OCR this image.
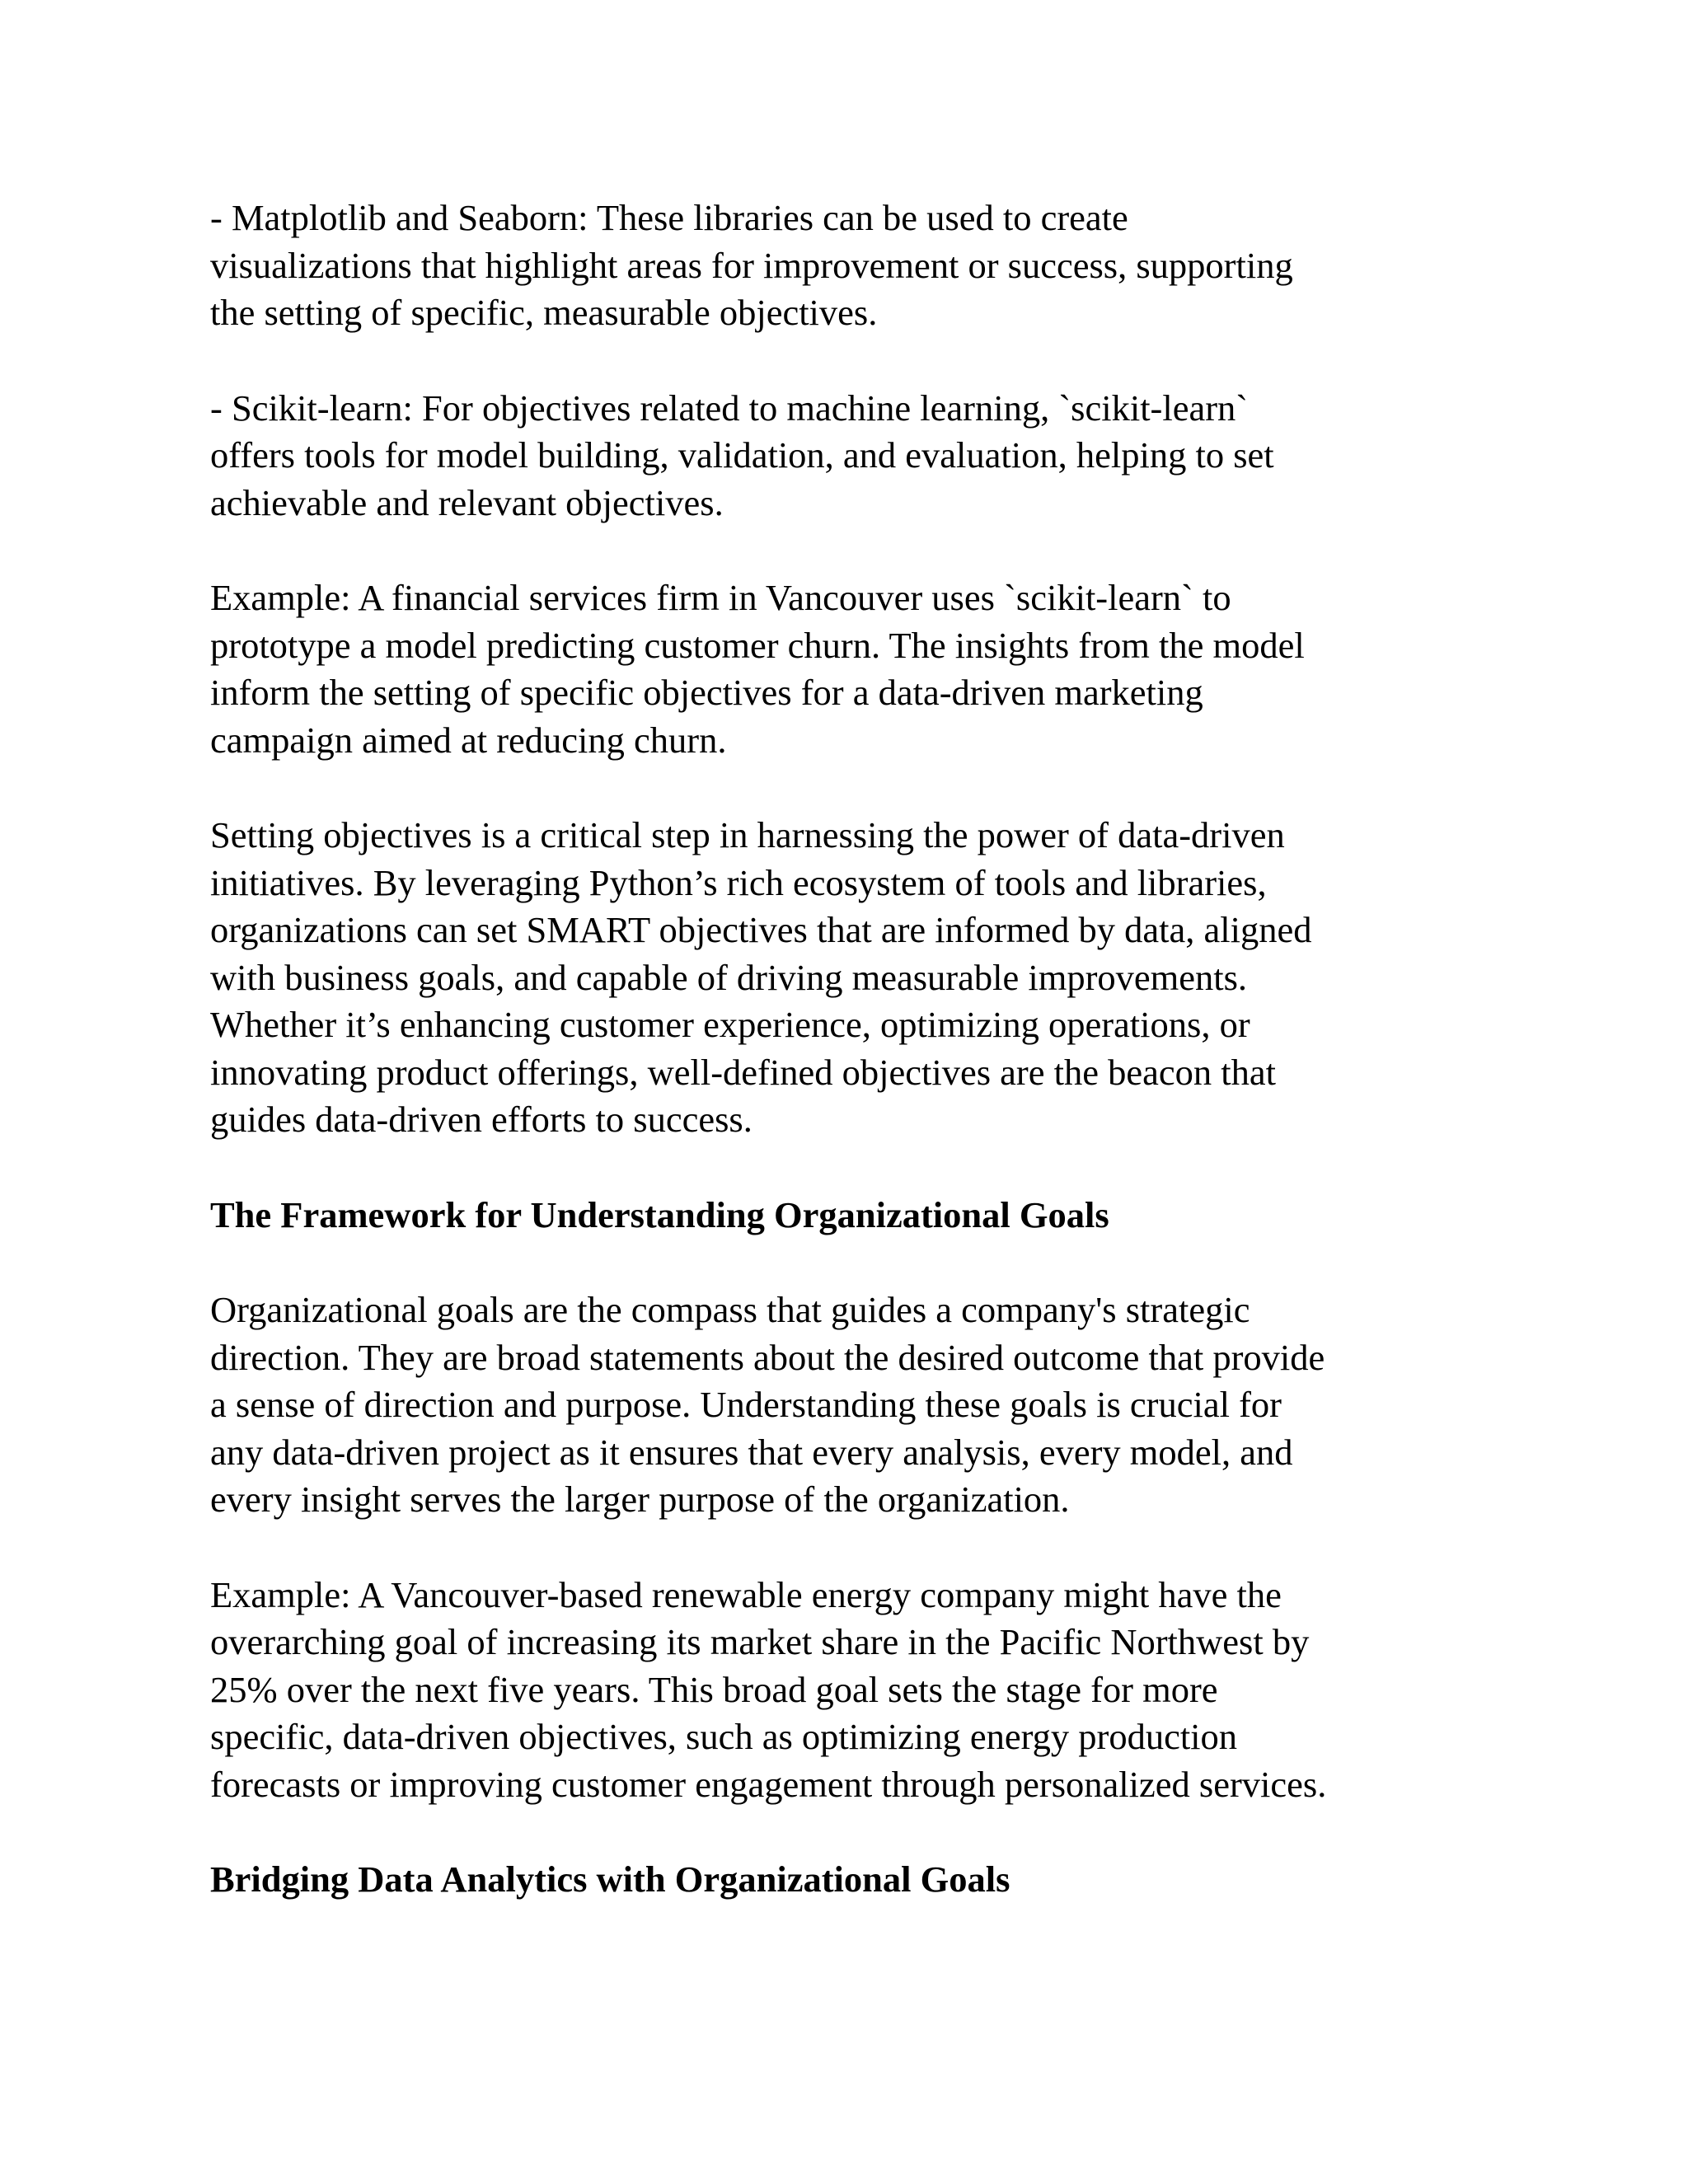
- Matplotlib and Seaborn: These libraries can be used to create
visualizations that highlight areas for improvement or success, supporting
the setting of specific, measurable objectives.

- Scikit-learn: For objectives related to machine learning, `scikit-learn`
offers tools for model building, validation, and evaluation, helping to set
achievable and relevant objectives.

Example: A financial services firm in Vancouver uses `scikit-learn` to
prototype a model predicting customer churn. The insights from the model
inform the setting of specific objectives for a data-driven marketing
campaign aimed at reducing churn.

Setting objectives is a critical step in harnessing the power of data-driven
initiatives. By leveraging Python’s rich ecosystem of tools and libraries,
organizations can set SMART objectives that are informed by data, aligned
with business goals, and capable of driving measurable improvements.
Whether it’s enhancing customer experience, optimizing operations, or
innovating product offerings, well-defined objectives are the beacon that
guides data-driven efforts to success.

The Framework for Understanding Organizational Goals

Organizational goals are the compass that guides a company's strategic
direction. They are broad statements about the desired outcome that provide
a sense of direction and purpose. Understanding these goals is crucial for
any data-driven project as it ensures that every analysis, every model, and
every insight serves the larger purpose of the organization.

Example: A Vancouver-based renewable energy company might have the
overarching goal of increasing its market share in the Pacific Northwest by
25% over the next five years. This broad goal sets the stage for more
specific, data-driven objectives, such as optimizing energy production
forecasts or improving customer engagement through personalized services.

Bridging Data Analytics with Organizational Goals
